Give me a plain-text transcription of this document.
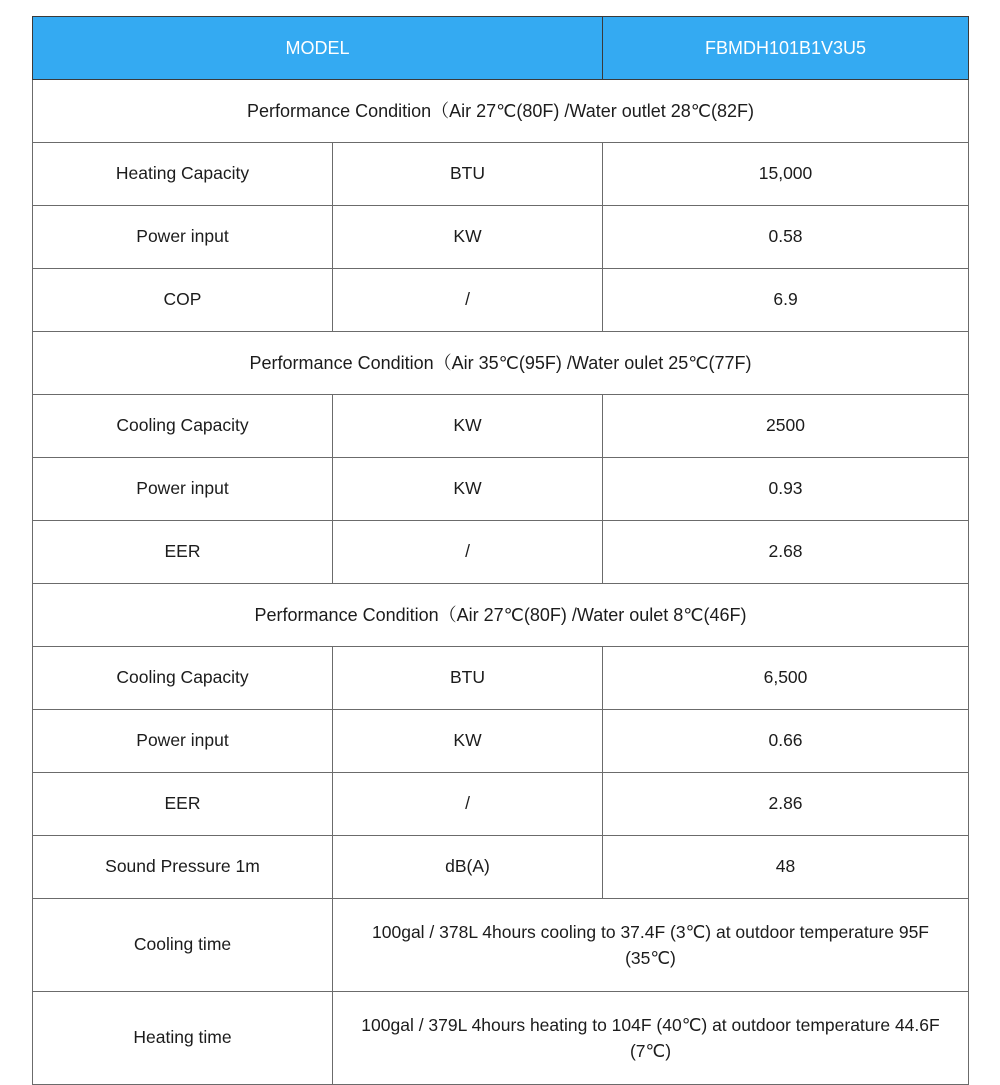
MODEL		FBMDH101B1V3U5
Performance Condition（Air 27℃(80F) /Water outlet 28℃(82F)		
Heating Capacity	BTU	15,000
Power input	KW	0.58
COP	/	6.9
Performance Condition（Air 35℃(95F) /Water oulet 25℃(77F)		
Cooling Capacity	KW	2500
Power input	KW	0.93
EER	/	2.68
Performance Condition（Air 27℃(80F) /Water oulet 8℃(46F)		
Cooling Capacity	BTU	6,500
Power input	KW	0.66
EER	/	2.86
Sound Pressure 1m	dB(A)	48
Cooling time	100gal / 378L 4hours cooling to 37.4F (3℃) at outdoor temperature 95F (35℃)	
Heating time	100gal / 379L 4hours heating to 104F (40℃) at outdoor temperature 44.6F (7℃)	
